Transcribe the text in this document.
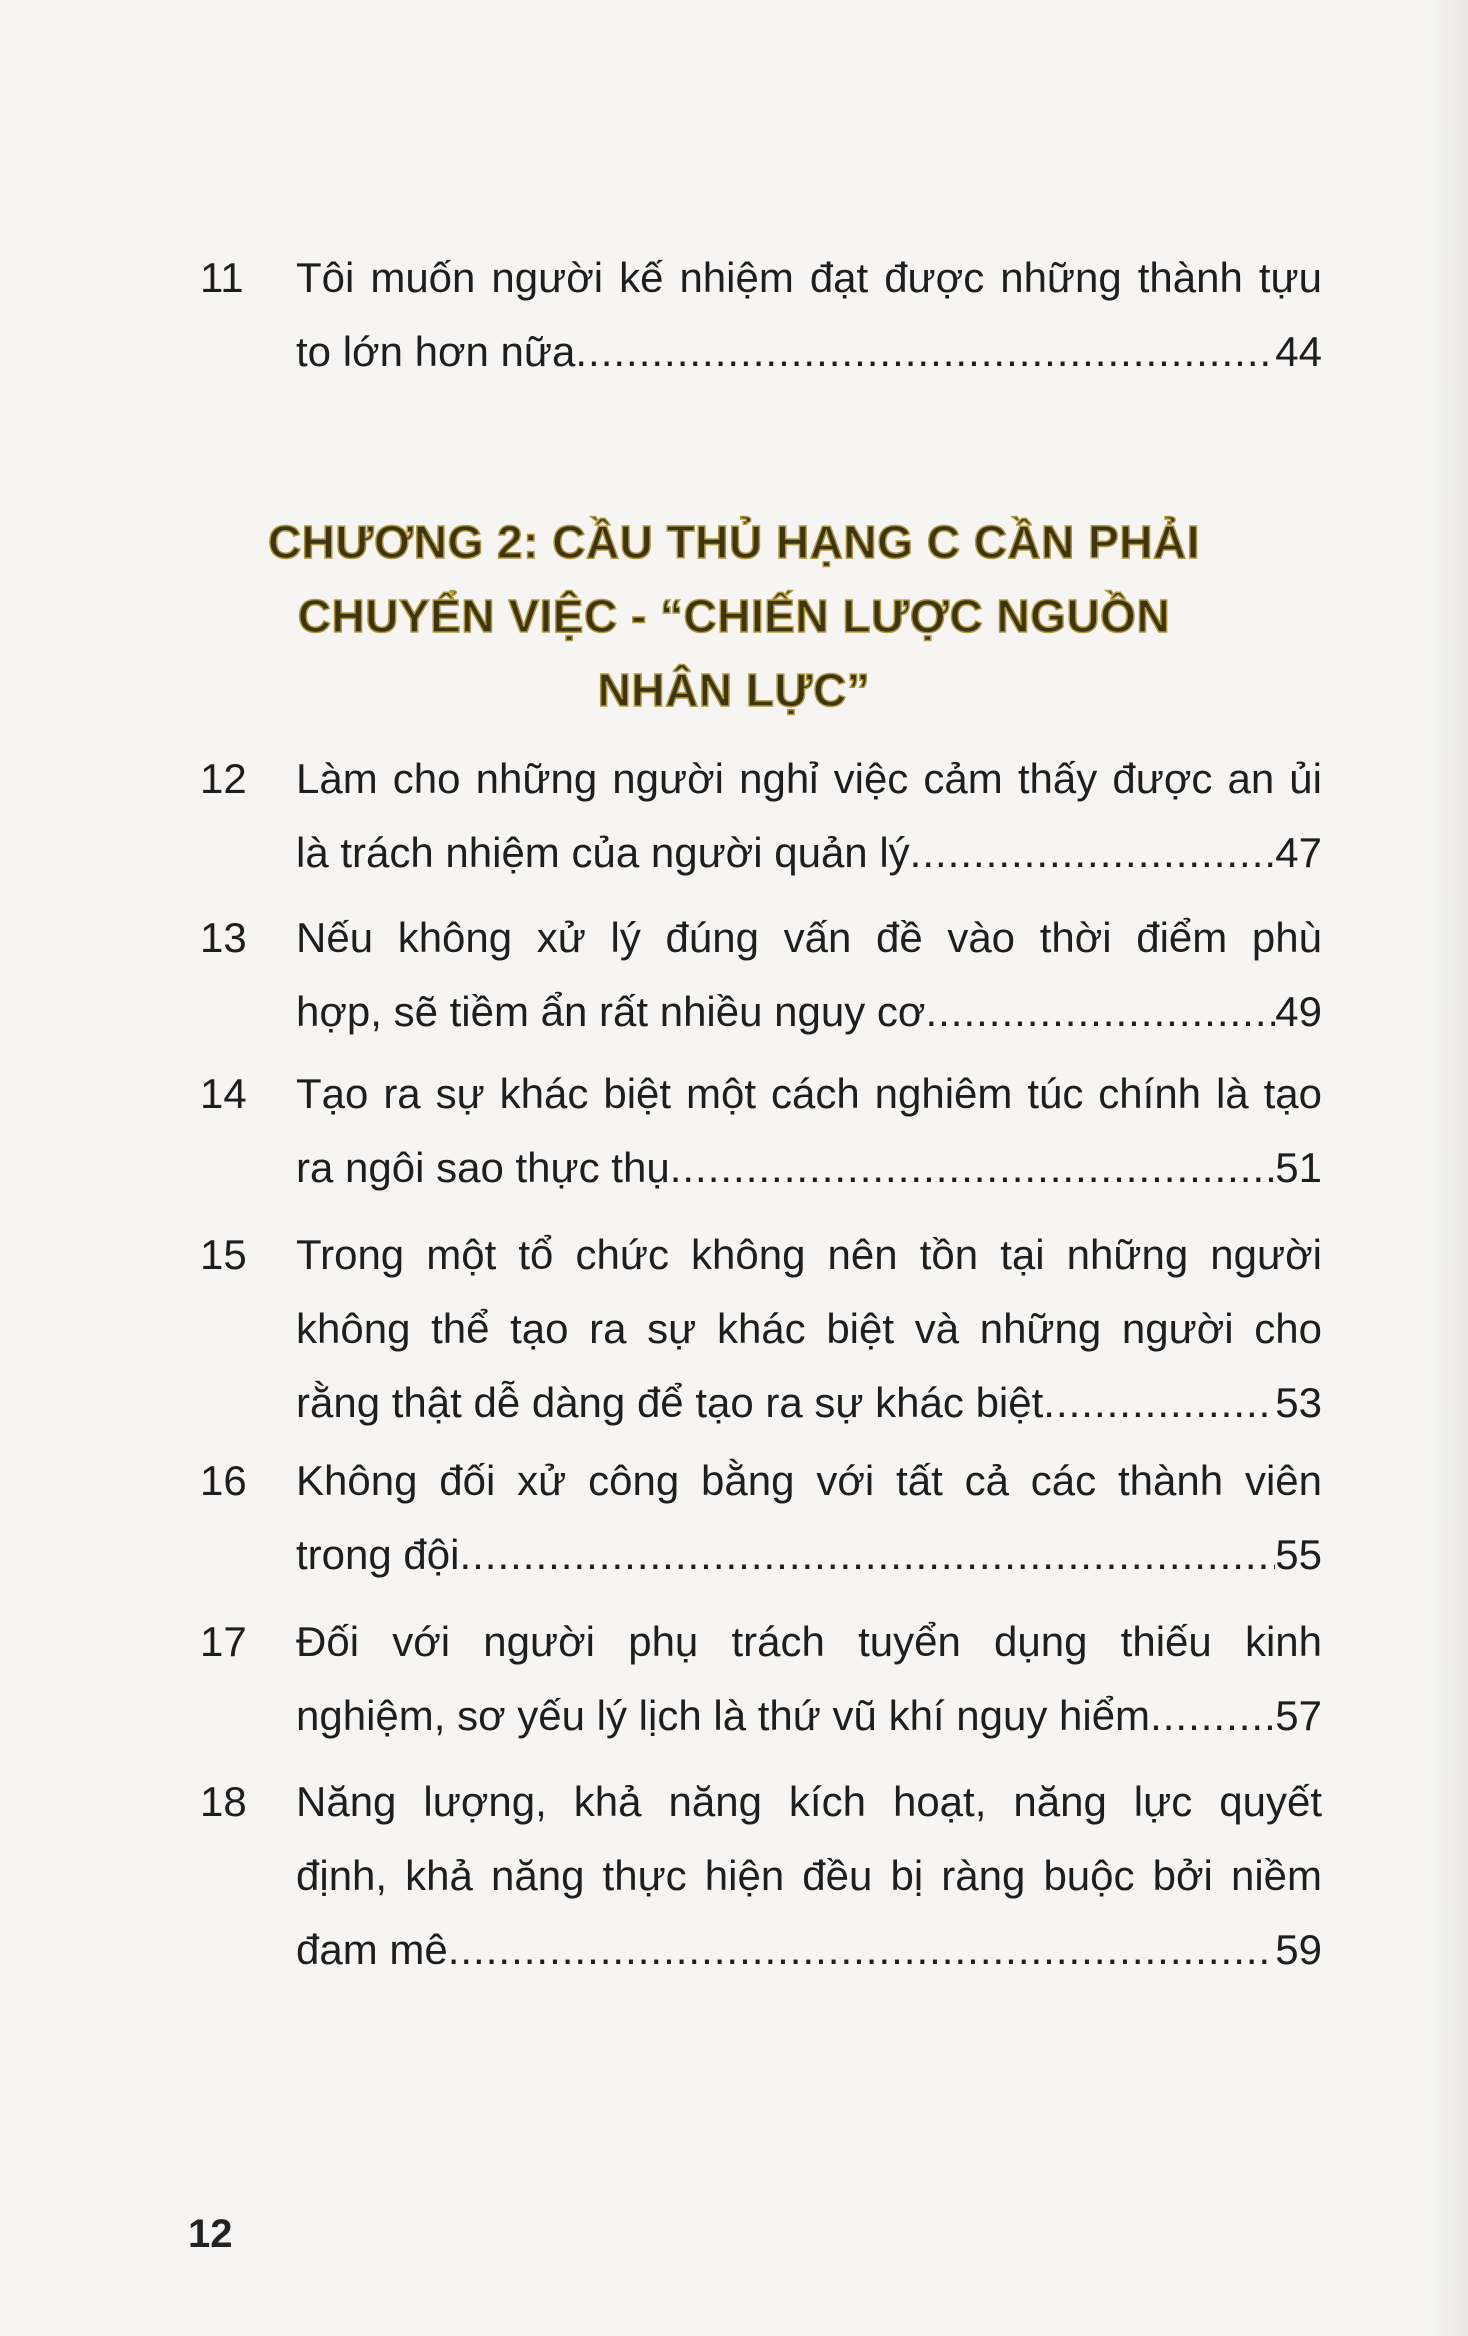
11 Tôi muốn người kế nhiệm đạt được những thành tựu
to lớn hơn nữa .....	44
CHƯƠNG 2: CẦU THỦ HẠNG C CẦN PHẢI
CHUYỂN VIỆC - “CHIẾN LƯỢC NGUỒN
NHÂN LỰC”
12 Làm cho những người nghỉ việc cảm thấy được an ủi
là trách nhiệm của người quản lý .....	47
13 Nếu không xử lý đúng vấn đề vào thời điểm phù
hợp, sẽ tiềm ẩn rất nhiều nguy cơ .....	49
14 Tạo ra sự khác biệt một cách nghiêm túc chính là tạo
ra ngôi sao thực thụ .....	51
15 Trong một tổ chức không nên tồn tại những người
không thể tạo ra sự khác biệt và những người cho
rằng thật dễ dàng để tạo ra sự khác biệt .....	53
16 Không đối xử công bằng với tất cả các thành viên
trong đội .....	55
17 Đối với người phụ trách tuyển dụng thiếu kinh
nghiệm, sơ yếu lý lịch là thứ vũ khí nguy hiểm .....	57
18 Năng lượng, khả năng kích hoạt, năng lực quyết
định, khả năng thực hiện đều bị ràng buộc bởi niềm
đam mê .....	59
12
